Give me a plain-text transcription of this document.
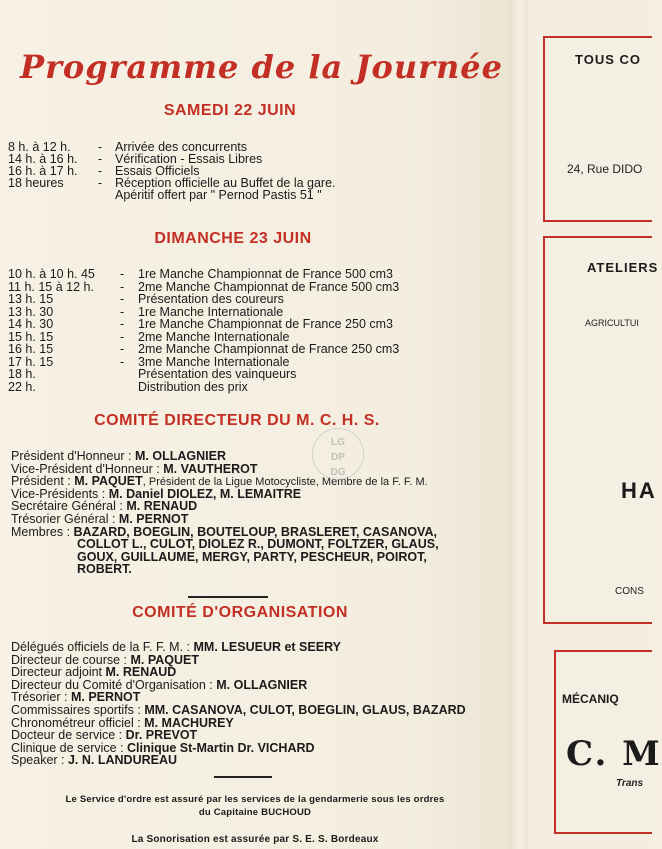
Programme de la Journée
SAMEDI 22 JUIN
8 h. à 12 h. - Arrivée des concurrents
14 h. à 16 h. - Vérification - Essais Libres
16 h. à 17 h. - Essais Officiels
18 heures	- Réception officielle au Buffet de la gare.
Apéritif offert par " Pernod Pastis 51 "
DIMANCHE 23 JUIN
10 h. à 10 h. 45 - 1re Manche Championnat de France 500 cm3
11 h. 15 à 12 h. - 2me Manche Championnat de France 500 cm3
13 h. 15	- Présentation des coureurs
13 h. 30	- 1re Manche Internationale
14 h. 30	- 1re Manche Championnat de France 250 cm3
15 h. 15	- 2me Manche Internationale
16 h. 15	- 2me Manche Championnat de France 250 cm3
17 h. 15	- 3me Manche Internationale
18 h.	Présentation des vainqueurs
22 h.	Distribution des prix
COMITÉ DIRECTEUR DU M. C. H. S.
Président d'Honneur : M. OLLAGNIER
Vice-Président d'Honneur : M. VAUTHEROT
Président : M. PAQUET, Président de la Ligue Motocycliste, Membre de la F. F. M.
Vice-Présidents : M. Daniel DIOLEZ, M. LEMAITRE
Secrétaire Général : M. RENAUD
Trésorier Général : M. PERNOT
Membres : BAZARD, BOEGLIN, BOUTELOUP, BRASLERET, CASANOVA,
COLLOT L., CULOT, DIOLEZ R., DUMONT, FOLTZER, GLAUS,
GOUX, GUILLAUME, MERGY, PARTY, PESCHEUR, POIROT,
ROBERT.
LG
DP
DG
COMITÉ D'ORGANISATION
Délégués officiels de la F. F. M. : MM. LESUEUR et SEERY
Directeur de course : M. PAQUET
Directeur adjoint M. RENAUD
Directeur du Comité d'Organisation : M. OLLAGNIER
Trésorier : M. PERNOT
Commissaires sportifs : MM. CASANOVA, CULOT, BOEGLIN, GLAUS, BAZARD
Chronométreur officiel : M. MACHUREY
Docteur de service : Dr. PREVOT
Clinique de service : Clinique St-Martin Dr. VICHARD
Speaker : J. N. LANDUREAU
Le Service d'ordre est assuré par les services de la gendarmerie sous les ordres
du Capitaine BUCHOUD
La Sonorisation est assurée par S. E. S. Bordeaux
TOUS CO
24, Rue DIDO
ATELIERS
AGRICULTUI
HA
CONS
MÉCANIQ
C. M
Trans
